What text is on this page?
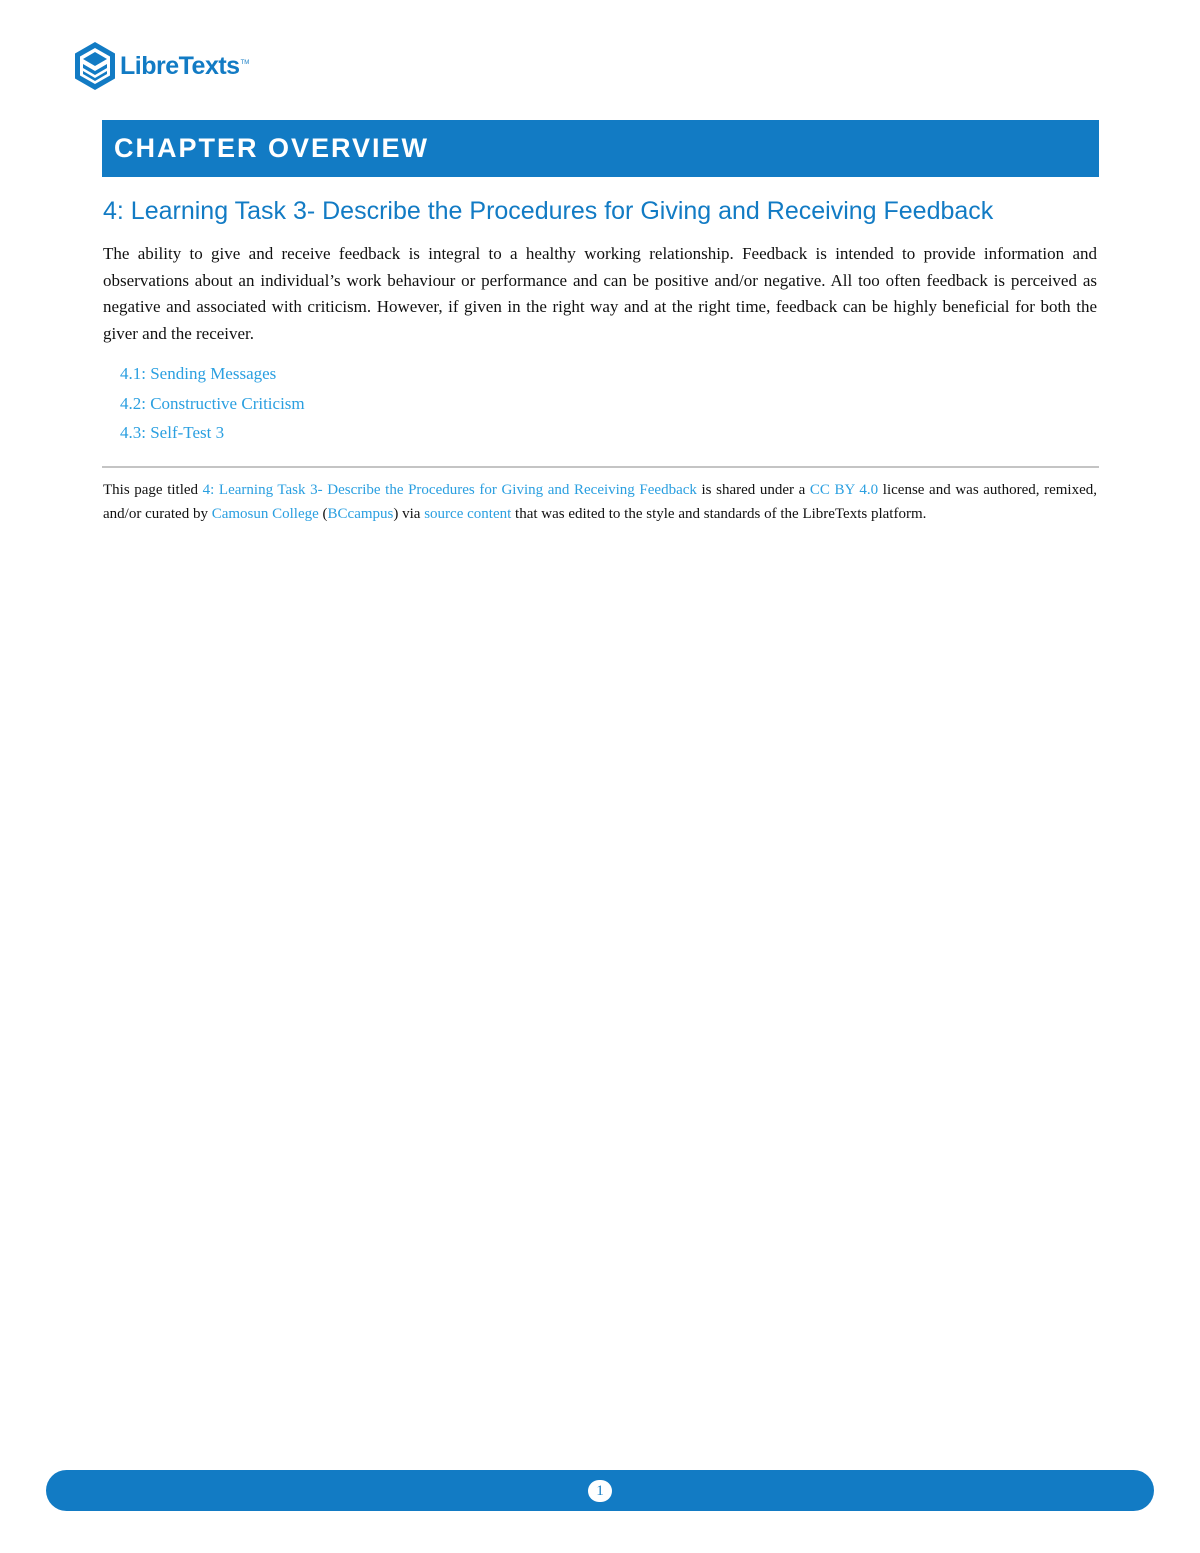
LibreTexts TM
CHAPTER OVERVIEW
4: Learning Task 3- Describe the Procedures for Giving and Receiving Feedback

The ability to give and receive feedback is integral to a healthy working relationship. Feedback is intended to provide information and observations about an individual’s work behaviour or performance and can be positive and/or negative. All too often feedback is perceived as negative and associated with criticism. However, if given in the right way and at the right time, feedback can be highly beneficial for both the giver and the receiver.

4.1: Sending Messages
4.2: Constructive Criticism
4.3: Self-Test 3

This page titled 4: Learning Task 3- Describe the Procedures for Giving and Receiving Feedback is shared under a CC BY 4.0 license and was authored, remixed, and/or curated by Camosun College (BCcampus) via source content that was edited to the style and standards of the LibreTexts platform.

1
